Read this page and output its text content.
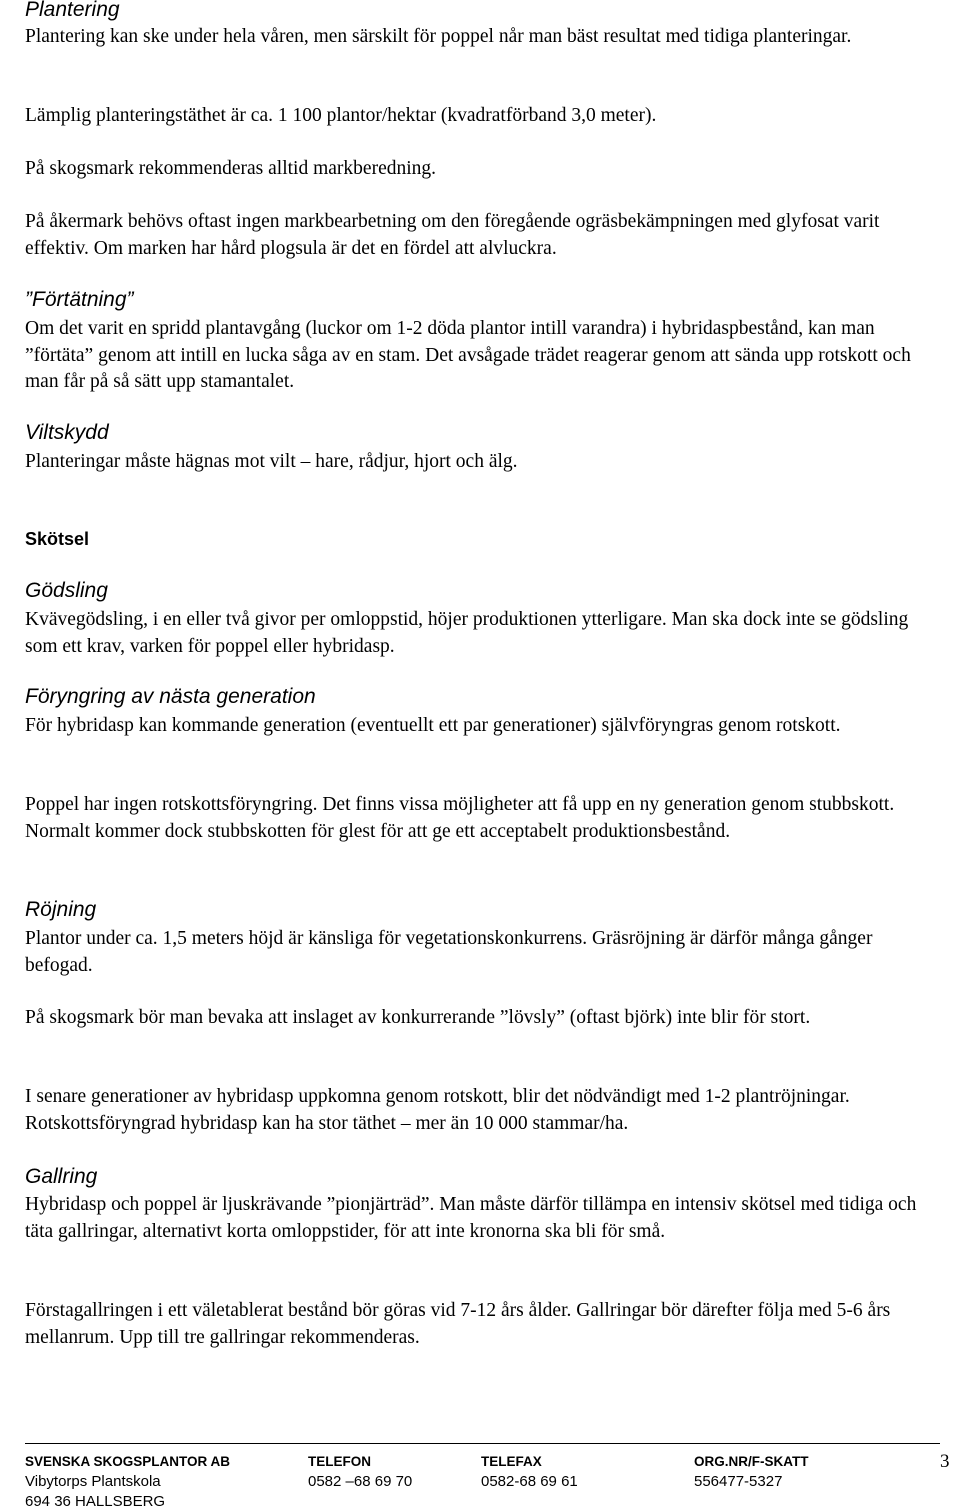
Plantering

Plantering kan ske under hela våren, men särskilt för poppel når man bäst resultat med tidiga planteringar.

Lämplig planteringstäthet är ca. 1 100 plantor/hektar (kvadratförband 3,0 meter).

På skogsmark rekommenderas alltid markberedning.

På åkermark behövs oftast ingen markbearbetning om den föregående ogräsbekämpningen med glyfosat varit effektiv. Om marken har hård plogsula är det en fördel att alvluckra.

”Förtätning”

Om det varit en spridd plantavgång (luckor om 1-2 döda plantor intill varandra) i hybridaspbestånd, kan man ”förtäta” genom att intill en lucka såga av en stam. Det avsågade trädet reagerar genom att sända upp rotskott och man får på så sätt upp stamantalet.

Viltskydd

Planteringar måste hägnas mot vilt – hare, rådjur, hjort och älg.

Skötsel
Gödsling

Kvävegödsling, i en eller två givor per omloppstid, höjer produktionen ytterligare. Man ska dock inte se gödsling som ett krav, varken för poppel eller hybridasp.

Föryngring av nästa generation

För hybridasp kan kommande generation (eventuellt ett par generationer) självföryngras genom rotskott.

Poppel har ingen rotskottsföryngring. Det finns vissa möjligheter att få upp en ny generation genom stubbskott. Normalt kommer dock stubbskotten för glest för att ge ett acceptabelt produktionsbestånd.

Röjning

Plantor under ca. 1,5 meters höjd är känsliga för vegetationskonkurrens. Gräsröjning är därför många gånger befogad.

På skogsmark bör man bevaka att inslaget av konkurrerande ”lövsly” (oftast björk) inte blir för stort.

I senare generationer av hybridasp uppkomna genom rotskott, blir det nödvändigt med 1-2 plantröjningar. Rotskottsföryngrad hybridasp kan ha stor täthet – mer än 10 000 stammar/ha.

Gallring

Hybridasp och poppel är ljuskrävande ”pionjärträd”. Man måste därför tillämpa en intensiv skötsel med tidiga och täta gallringar, alternativt korta omloppstider, för att inte kronorna ska bli för små.

Förstagallringen i ett väletablerat bestånd bör göras vid 7-12 års ålder. Gallringar bör därefter följa med 5-6 års mellanrum. Upp till tre gallringar rekommenderas.

SVENSKA SKOGSPLANTOR AB
Vibytorps Plantskola
694 36 HALLSBERG
TELEFON
0582 –68 69 70
TELEFAX
0582-68 69 61
ORG.NR/F-SKATT
556477-5327
3
